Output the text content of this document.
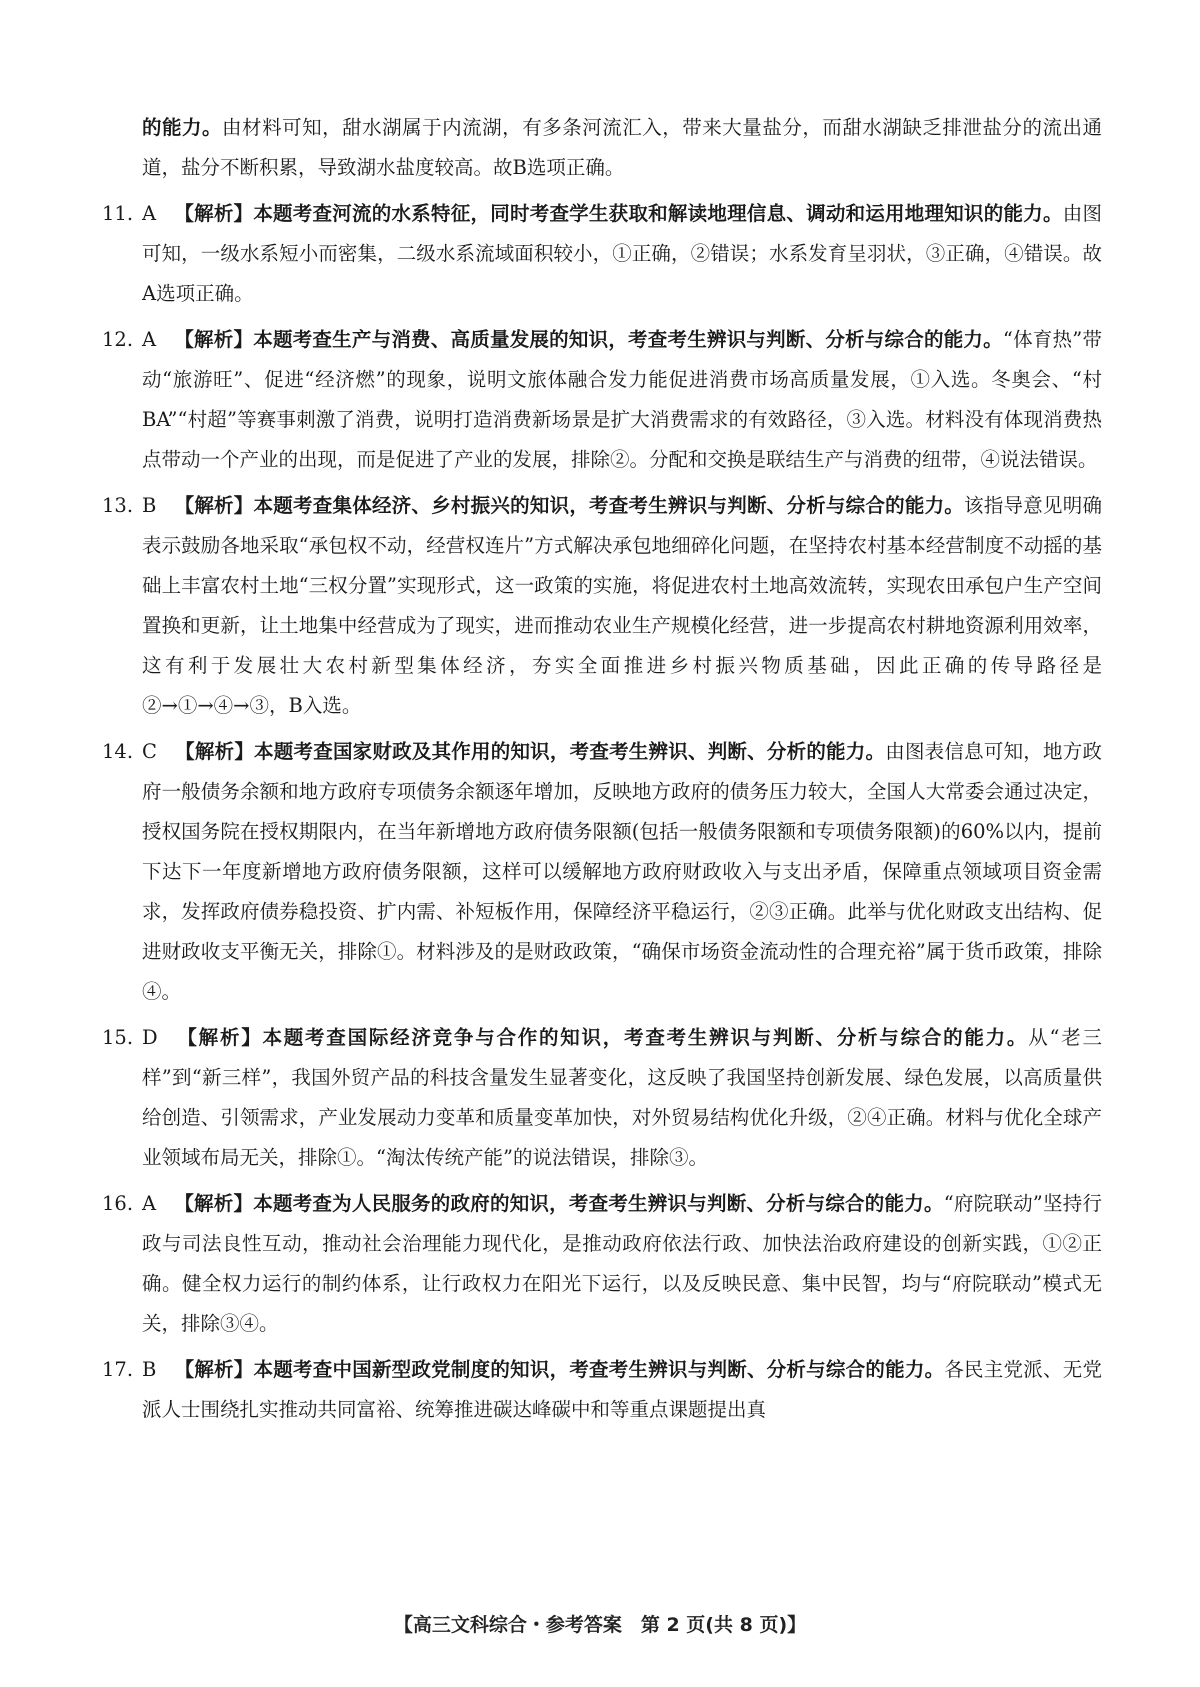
的能力。由材料可知，甜水湖属于内流湖，有多条河流汇入，带来大量盐分，而甜水湖缺乏排泄盐分的流出通道，盐分不断积累，导致湖水盐度较高。故B选项正确。

11. A 【解析】本题考查河流的水系特征，同时考查学生获取和解读地理信息、调动和运用地理知识的能力。由图可知，一级水系短小而密集，二级水系流域面积较小，①正确，②错误；水系发育呈羽状，③正确，④错误。故A选项正确。

12. A 【解析】本题考查生产与消费、高质量发展的知识，考查考生辨识与判断、分析与综合的能力。“体育热”带动“旅游旺”、促进“经济燃”的现象，说明文旅体融合发力能促进消费市场高质量发展，①入选。冬奥会、“村BA”“村超”等赛事刺激了消费，说明打造消费新场景是扩大消费需求的有效路径，③入选。材料没有体现消费热点带动一个产业的出现，而是促进了产业的发展，排除②。分配和交换是联结生产与消费的纽带，④说法错误。

13. B 【解析】本题考查集体经济、乡村振兴的知识，考查考生辨识与判断、分析与综合的能力。该指导意见明确表示鼓励各地采取“承包权不动，经营权连片”方式解决承包地细碎化问题，在坚持农村基本经营制度不动摇的基础上丰富农村土地“三权分置”实现形式，这一政策的实施，将促进农村土地高效流转，实现农田承包户生产空间置换和更新，让土地集中经营成为了现实，进而推动农业生产规模化经营，进一步提高农村耕地资源利用效率，这有利于发展壮大农村新型集体经济，夯实全面推进乡村振兴物质基础，因此正确的传导路径是②→①→④→③，B入选。

14. C 【解析】本题考查国家财政及其作用的知识，考查考生辨识、判断、分析的能力。由图表信息可知，地方政府一般债务余额和地方政府专项债务余额逐年增加，反映地方政府的债务压力较大，全国人大常委会通过决定，授权国务院在授权期限内，在当年新增地方政府债务限额(包括一般债务限额和专项债务限额)的60%以内，提前下达下一年度新增地方政府债务限额，这样可以缓解地方政府财政收入与支出矛盾，保障重点领域项目资金需求，发挥政府债券稳投资、扩内需、补短板作用，保障经济平稳运行，②③正确。此举与优化财政支出结构、促进财政收支平衡无关，排除①。材料涉及的是财政政策，“确保市场资金流动性的合理充裕”属于货币政策，排除④。

15. D 【解析】本题考查国际经济竞争与合作的知识，考查考生辨识与判断、分析与综合的能力。从“老三样”到“新三样”，我国外贸产品的科技含量发生显著变化，这反映了我国坚持创新发展、绿色发展，以高质量供给创造、引领需求，产业发展动力变革和质量变革加快，对外贸易结构优化升级，②④正确。材料与优化全球产业领域布局无关，排除①。“淘汰传统产能”的说法错误，排除③。

16. A 【解析】本题考查为人民服务的政府的知识，考查考生辨识与判断、分析与综合的能力。“府院联动”坚持行政与司法良性互动，推动社会治理能力现代化，是推动政府依法行政、加快法治政府建设的创新实践，①②正确。健全权力运行的制约体系，让行政权力在阳光下运行，以及反映民意、集中民智，均与“府院联动”模式无关，排除③④。

17. B 【解析】本题考查中国新型政党制度的知识，考查考生辨识与判断、分析与综合的能力。各民主党派、无党派人士围绕扎实推动共同富裕、统筹推进碳达峰碳中和等重点课题提出真

【高三文科综合・参考答案　第 2 页(共 8 页)】
